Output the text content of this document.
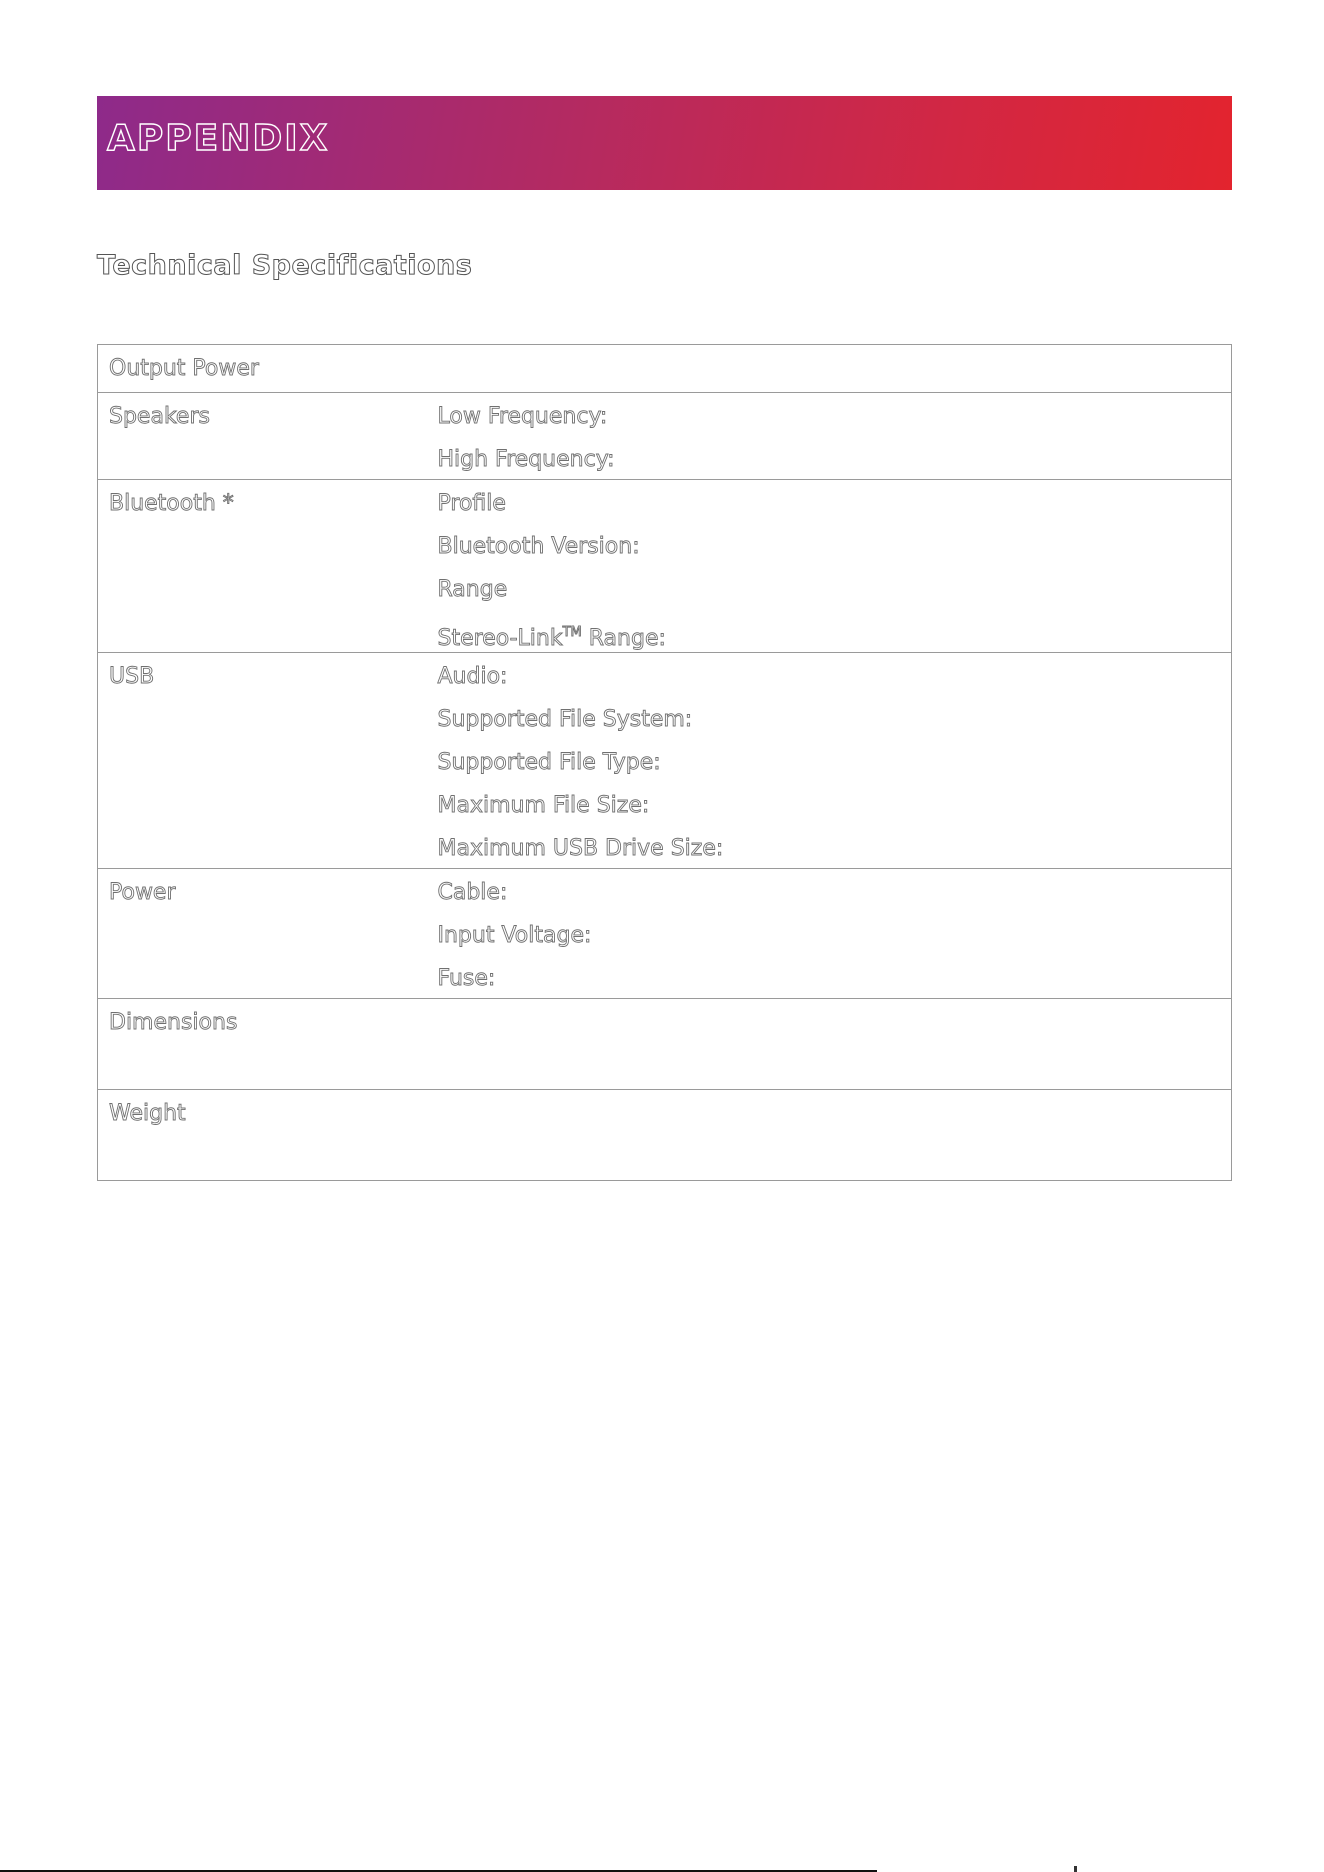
APPENDIX
Technical Specifications
Output Power	

Speakers	Low Frequency:
High Frequency:

Bluetooth *	Profile
Bluetooth Version:
Range
Stereo-Link™ Range:

USB	Audio:
Supported File System:
Supported File Type:
Maximum File Size:
Maximum USB Drive Size:

Power	Cable:
Input Voltage:
Fuse:

Dimensions	

Weight	
